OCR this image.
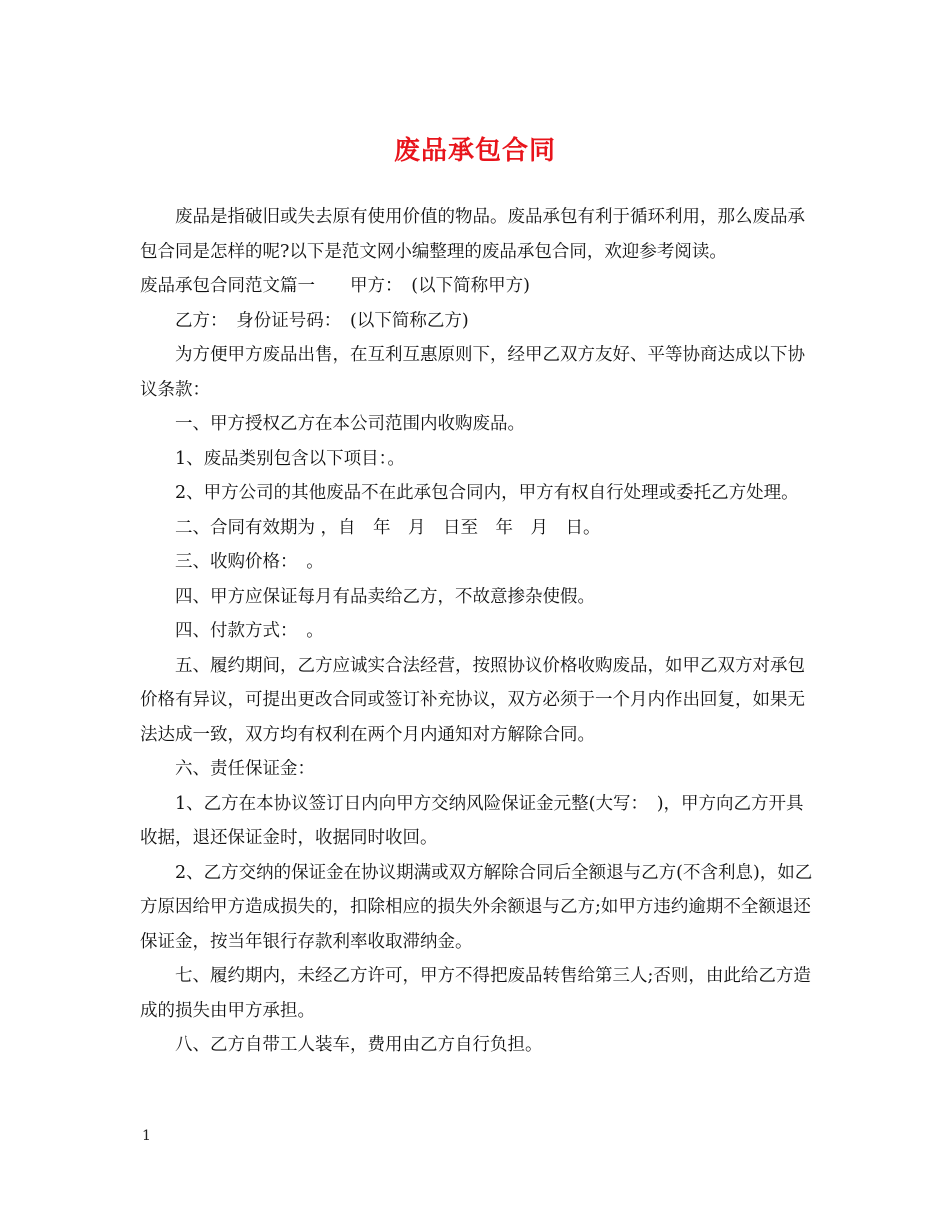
废品承包合同

废品是指破旧或失去原有使用价值的物品。废品承包有利于循环利用，那么废品承包合同是怎样的呢?以下是范文网小编整理的废品承包合同，欢迎参考阅读。

废品承包合同范文篇一　　甲方：　(以下简称甲方)

乙方：　身份证号码：　(以下简称乙方)

为方便甲方废品出售，在互利互惠原则下，经甲乙双方友好、平等协商达成以下协议条款：

一、甲方授权乙方在本公司范围内收购废品。

1、废品类别包含以下项目：。

2、甲方公司的其他废品不在此承包合同内，甲方有权自行处理或委托乙方处理。

二、合同有效期为 ，自　年　月　日至　年　月　日。

三、收购价格：　。

四、甲方应保证每月有品卖给乙方，不故意掺杂使假。

四、付款方式：　。

五、履约期间，乙方应诚实合法经营，按照协议价格收购废品，如甲乙双方对承包价格有异议，可提出更改合同或签订补充协议，双方必须于一个月内作出回复，如果无法达成一致，双方均有权利在两个月内通知对方解除合同。

六、责任保证金：

1、乙方在本协议签订日内向甲方交纳风险保证金元整(大写：　)，甲方向乙方开具收据，退还保证金时，收据同时收回。

2、乙方交纳的保证金在协议期满或双方解除合同后全额退与乙方(不含利息)，如乙方原因给甲方造成损失的，扣除相应的损失外余额退与乙方;如甲方违约逾期不全额退还保证金，按当年银行存款利率收取滞纳金。

七、履约期内，未经乙方许可，甲方不得把废品转售给第三人;否则，由此给乙方造成的损失由甲方承担。

八、乙方自带工人装车，费用由乙方自行负担。

1
